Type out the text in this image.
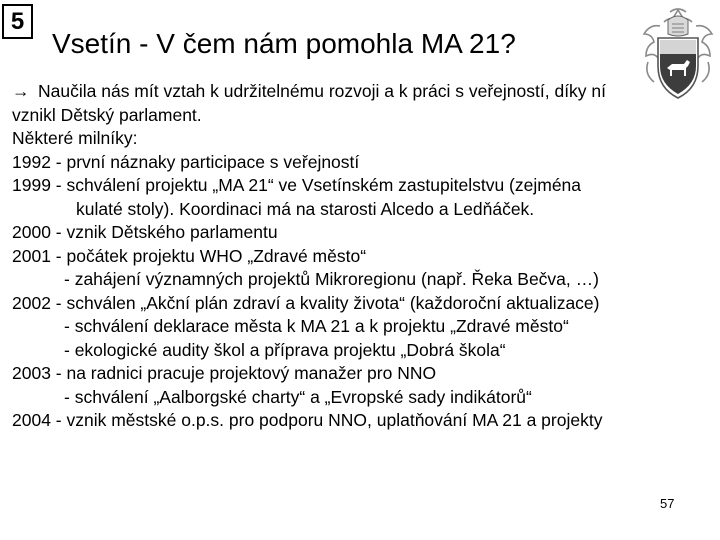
5
Vsetín - V čem nám pomohla MA 21?
→ Naučila nás mít vztah k udržitelnému rozvoji a k práci s veřejností, díky ní
vznikl Dětský parlament.
Některé milníky:
1992 - první náznaky participace s veřejností
1999 - schválení projektu „MA 21“ ve Vsetínském zastupitelstvu (zejména
kulaté stoly). Koordinaci má na starosti Alcedo a Ledňáček.
2000 - vznik Dětského parlamentu
2001 - počátek projektu WHO „Zdravé město“
- zahájení významných projektů Mikroregionu (např. Řeka Bečva, …)
2002 - schválen „Akční plán zdraví a kvality života“ (každoroční aktualizace)
- schválení deklarace města k MA 21 a k projektu „Zdravé město“
- ekologické audity škol a příprava projektu „Dobrá škola“
2003 - na radnici pracuje projektový manažer pro NNO
- schválení „Aalborgské charty“ a „Evropské sady indikátorů“
2004 - vznik městské o.p.s. pro podporu NNO, uplatňování MA 21 a projekty
57
